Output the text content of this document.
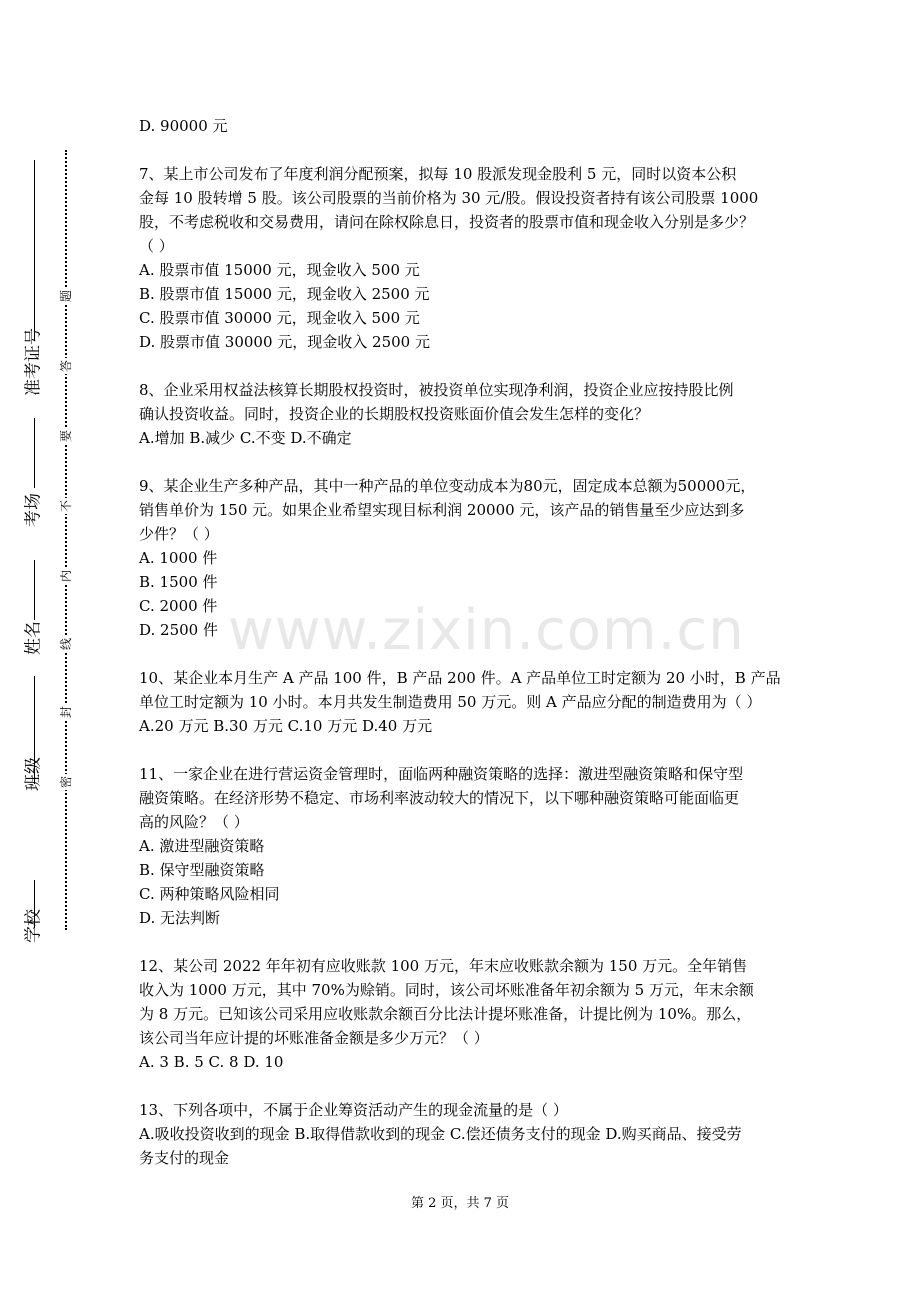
学校
班级
姓名
考场
准考证号
题
答
要
不
内
线
封
密

D. 90000 元

7、某上市公司发布了年度利润分配预案，拟每 10 股派发现金股利 5 元，同时以资本公积

金每 10 股转增 5 股。该公司股票的当前价格为 30 元/股。假设投资者持有该公司股票 1000

股，不考虑税收和交易费用，请问在除权除息日，投资者的股票市值和现金收入分别是多少？

（ ）

A. 股票市值 15000 元，现金收入 500 元

B. 股票市值 15000 元，现金收入 2500 元

C. 股票市值 30000 元，现金收入 500 元

D. 股票市值 30000 元，现金收入 2500 元

8、企业采用权益法核算长期股权投资时，被投资单位实现净利润，投资企业应按持股比例

确认投资收益。同时，投资企业的长期股权投资账面价值会发生怎样的变化？

A.增加 B.减少 C.不变 D.不确定

9、某企业生产多种产品，其中一种产品的单位变动成本为80元，固定成本总额为50000元，

销售单价为 150 元。如果企业希望实现目标利润 20000 元，该产品的销售量至少应达到多

少件？（ ）

A. 1000 件

B. 1500 件

C. 2000 件

D. 2500 件

10、某企业本月生产 A 产品 100 件，B 产品 200 件。A 产品单位工时定额为 20 小时，B 产品

单位工时定额为 10 小时。本月共发生制造费用 50 万元。则 A 产品应分配的制造费用为（ ）

A.20 万元 B.30 万元 C.10 万元 D.40 万元

11、一家企业在进行营运资金管理时，面临两种融资策略的选择：激进型融资策略和保守型

融资策略。在经济形势不稳定、市场利率波动较大的情况下，以下哪种融资策略可能面临更

高的风险？（ ）

A. 激进型融资策略

B. 保守型融资策略

C. 两种策略风险相同

D. 无法判断

12、某公司 2022 年年初有应收账款 100 万元，年末应收账款余额为 150 万元。全年销售

收入为 1000 万元，其中 70%为赊销。同时，该公司坏账准备年初余额为 5 万元，年末余额

为 8 万元。已知该公司采用应收账款余额百分比法计提坏账准备，计提比例为 10%。那么，

该公司当年应计提的坏账准备金额是多少万元？（ ）

A. 3 B. 5 C. 8 D. 10

13、下列各项中，不属于企业筹资活动产生的现金流量的是（ ）

A.吸收投资收到的现金 B.取得借款收到的现金 C.偿还债务支付的现金 D.购买商品、接受劳

务支付的现金

www.zixin.com.cn
第 2 页，共 7 页
